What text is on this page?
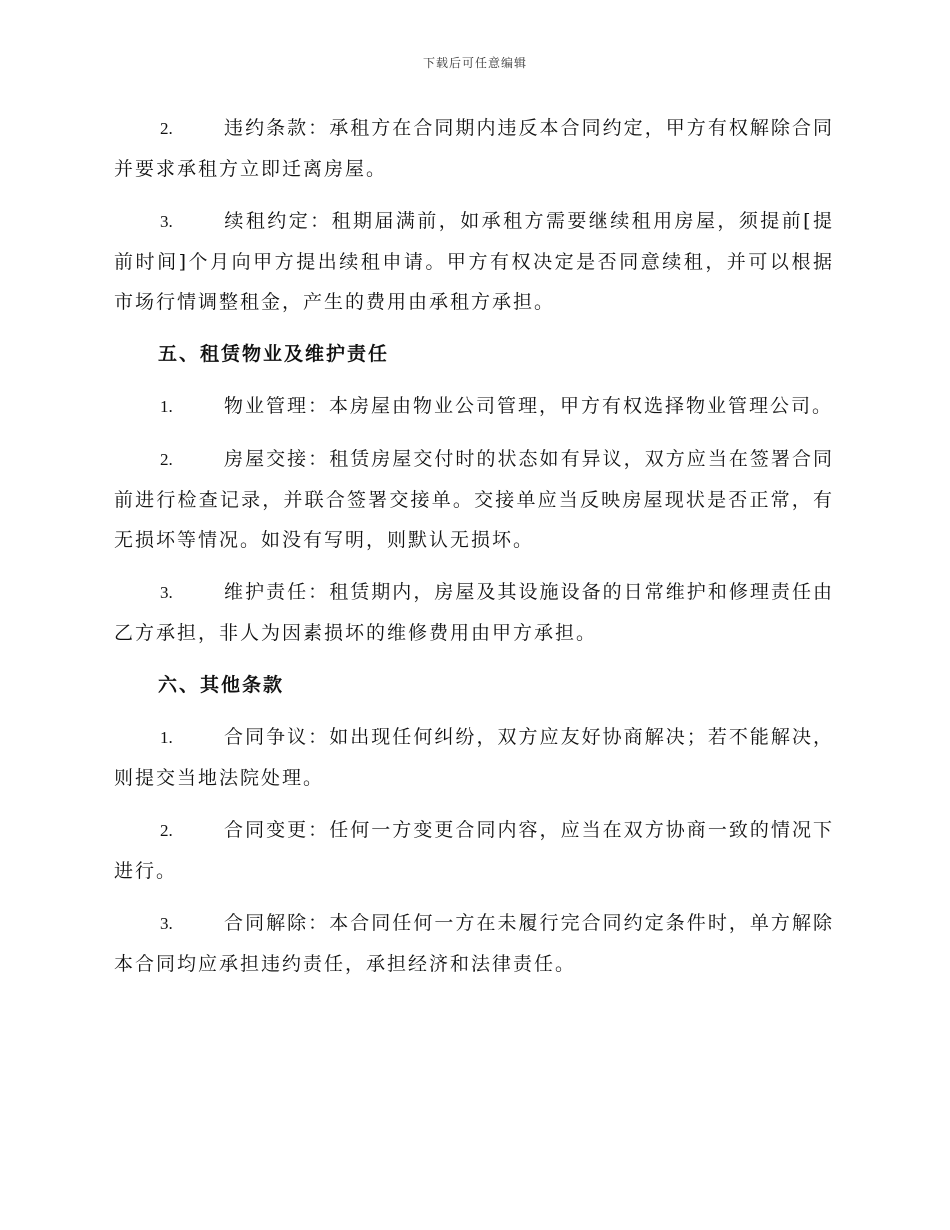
下载后可任意编辑

2.	违约条款：承租方在合同期内违反本合同约定，甲方有权解除合同并要求承租方立即迁离房屋。

3.	续租约定：租期届满前，如承租方需要继续租用房屋，须提前[提前时间]个月向甲方提出续租申请。甲方有权决定是否同意续租，并可以根据市场行情调整租金，产生的费用由承租方承担。

五、租赁物业及维护责任

1.	物业管理：本房屋由物业公司管理，甲方有权选择物业管理公司。

2.	房屋交接：租赁房屋交付时的状态如有异议，双方应当在签署合同前进行检查记录，并联合签署交接单。交接单应当反映房屋现状是否正常，有无损坏等情况。如没有写明，则默认无损坏。

3.	维护责任：租赁期内，房屋及其设施设备的日常维护和修理责任由乙方承担，非人为因素损坏的维修费用由甲方承担。

六、其他条款

1.	合同争议：如出现任何纠纷，双方应友好协商解决；若不能解决，则提交当地法院处理。

2.	合同变更：任何一方变更合同内容，应当在双方协商一致的情况下进行。

3.	合同解除：本合同任何一方在未履行完合同约定条件时，单方解除本合同均应承担违约责任，承担经济和法律责任。
